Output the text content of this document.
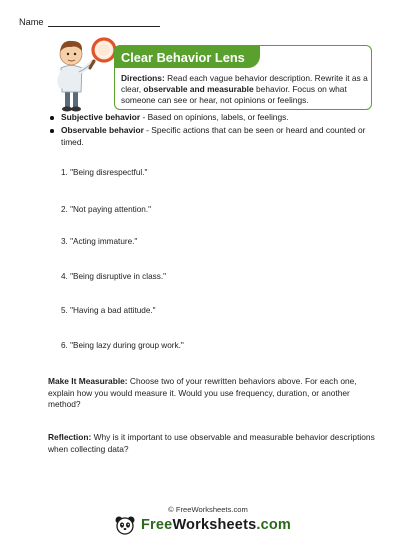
Name
Clear Behavior Lens
Directions: Read each vague behavior description. Rewrite it as a clear, observable and measurable behavior. Focus on what someone can see or hear, not opinions or feelings.
Subjective behavior - Based on opinions, labels, or feelings.
Observable behavior - Specific actions that can be seen or heard and counted or timed.
1. "Being disrespectful."
2. "Not paying attention."
3. "Acting immature."
4. "Being disruptive in class."
5. "Having a bad attitude."
6. "Being lazy during group work."
Make It Measurable: Choose two of your rewritten behaviors above. For each one, explain how you would measure it. Would you use frequency, duration, or another method?
Reflection: Why is it important to use observable and measurable behavior descriptions when collecting data?
© FreeWorksheets.com
FreeWorksheets.com
